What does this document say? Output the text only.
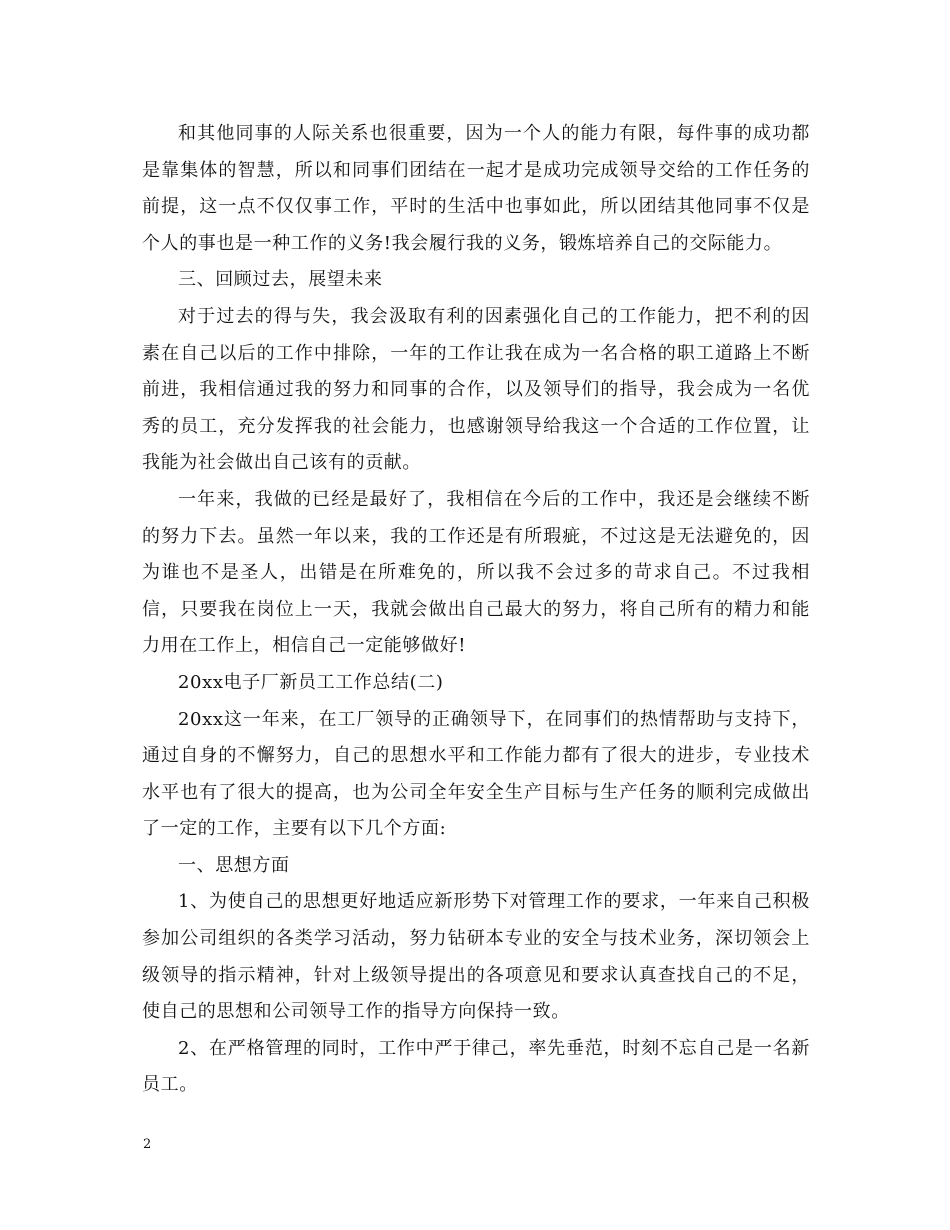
和其他同事的人际关系也很重要，因为一个人的能力有限，每件事的成功都是靠集体的智慧，所以和同事们团结在一起才是成功完成领导交给的工作任务的前提，这一点不仅仅事工作，平时的生活中也事如此，所以团结其他同事不仅是个人的事也是一种工作的义务!我会履行我的义务，锻炼培养自己的交际能力。

三、回顾过去，展望未来

对于过去的得与失，我会汲取有利的因素强化自己的工作能力，把不利的因素在自己以后的工作中排除，一年的工作让我在成为一名合格的职工道路上不断前进，我相信通过我的努力和同事的合作，以及领导们的指导，我会成为一名优秀的员工，充分发挥我的社会能力，也感谢领导给我这一个合适的工作位置，让我能为社会做出自己该有的贡献。

一年来，我做的已经是最好了，我相信在今后的工作中，我还是会继续不断的努力下去。虽然一年以来，我的工作还是有所瑕疵，不过这是无法避免的，因为谁也不是圣人，出错是在所难免的，所以我不会过多的苛求自己。不过我相信，只要我在岗位上一天，我就会做出自己最大的努力，将自己所有的精力和能力用在工作上，相信自己一定能够做好!

20xx电子厂新员工工作总结(二)

20xx这一年来，在工厂领导的正确领导下，在同事们的热情帮助与支持下，通过自身的不懈努力，自己的思想水平和工作能力都有了很大的进步，专业技术水平也有了很大的提高，也为公司全年安全生产目标与生产任务的顺利完成做出了一定的工作，主要有以下几个方面:

一、思想方面

1、为使自己的思想更好地适应新形势下对管理工作的要求，一年来自己积极参加公司组织的各类学习活动，努力钻研本专业的安全与技术业务，深切领会上级领导的指示精神，针对上级领导提出的各项意见和要求认真查找自己的不足，使自己的思想和公司领导工作的指导方向保持一致。

2、在严格管理的同时，工作中严于律己，率先垂范，时刻不忘自己是一名新员工。

2
